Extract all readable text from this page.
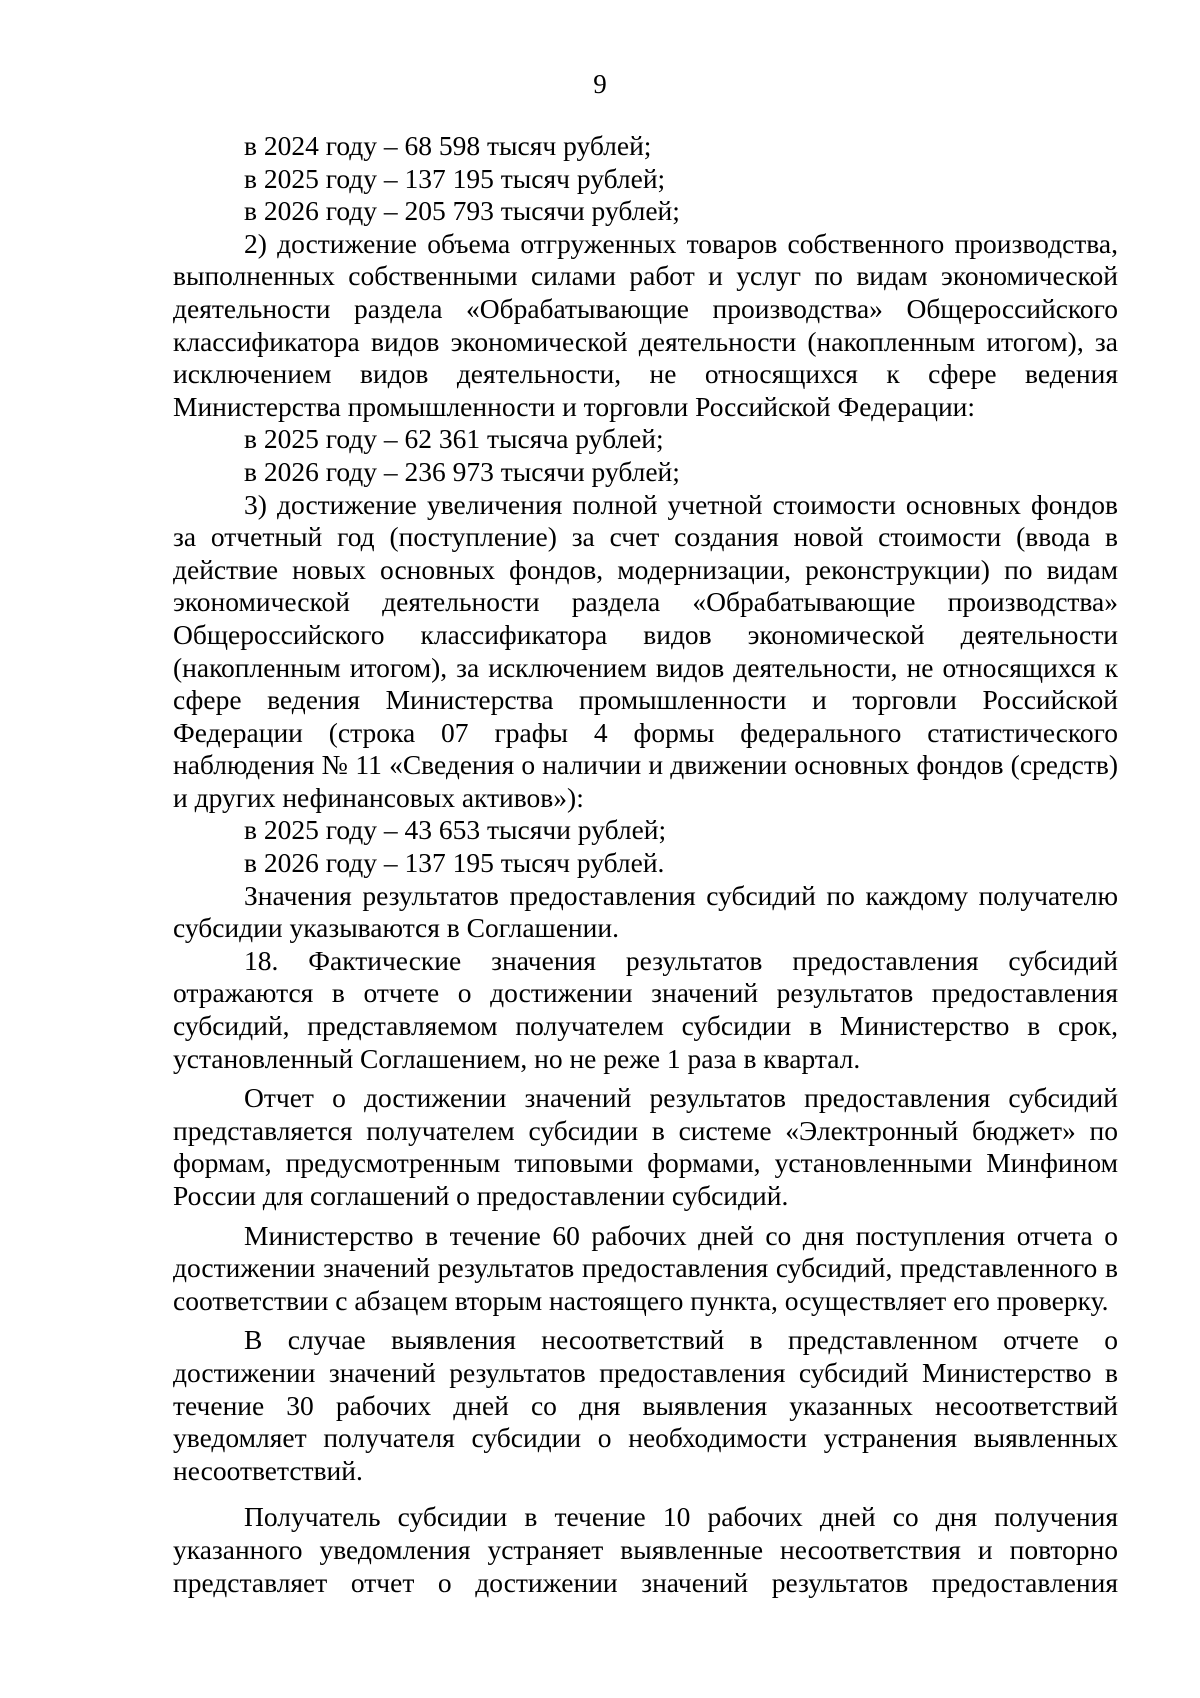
9
в 2024 году – 68 598 тысяч рублей;
в 2025 году – 137 195 тысяч рублей;
в 2026 году – 205 793 тысячи рублей;
2) достижение объема отгруженных товаров собственного производства,
выполненных собственными силами работ и услуг по видам экономической
деятельности раздела «Обрабатывающие производства» Общероссийского
классификатора видов экономической деятельности (накопленным итогом), за
исключением видов деятельности, не относящихся к сфере ведения
Министерства промышленности и торговли Российской Федерации:
в 2025 году – 62 361 тысяча рублей;
в 2026 году – 236 973 тысячи рублей;
3) достижение увеличения полной учетной стоимости основных фондов
за отчетный год (поступление) за счет создания новой стоимости (ввода в
действие новых основных фондов, модернизации, реконструкции) по видам
экономической деятельности раздела «Обрабатывающие производства»
Общероссийского классификатора видов экономической деятельности
(накопленным итогом), за исключением видов деятельности, не относящихся к
сфере ведения Министерства промышленности и торговли Российской
Федерации (строка 07 графы 4 формы федерального статистического
наблюдения № 11 «Сведения о наличии и движении основных фондов (средств)
и других нефинансовых активов»):
в 2025 году – 43 653 тысячи рублей;
в 2026 году – 137 195 тысяч рублей.
Значения результатов предоставления субсидий по каждому получателю
субсидии указываются в Соглашении.
18. Фактические значения результатов предоставления субсидий
отражаются в отчете о достижении значений результатов предоставления
субсидий, представляемом получателем субсидии в Министерство в срок,
установленный Соглашением, но не реже 1 раза в квартал.
Отчет о достижении значений результатов предоставления субсидий
представляется получателем субсидии в системе «Электронный бюджет» по
формам, предусмотренным типовыми формами, установленными Минфином
России для соглашений о предоставлении субсидий.
Министерство в течение 60 рабочих дней со дня поступления отчета о
достижении значений результатов предоставления субсидий, представленного в
соответствии с абзацем вторым настоящего пункта, осуществляет его проверку.
В случае выявления несоответствий в представленном отчете о
достижении значений результатов предоставления субсидий Министерство в
течение 30 рабочих дней со дня выявления указанных несоответствий
уведомляет получателя субсидии о необходимости устранения выявленных
несоответствий.
Получатель субсидии в течение 10 рабочих дней со дня получения
указанного уведомления устраняет выявленные несоответствия и повторно
представляет отчет о достижении значений результатов предоставления
